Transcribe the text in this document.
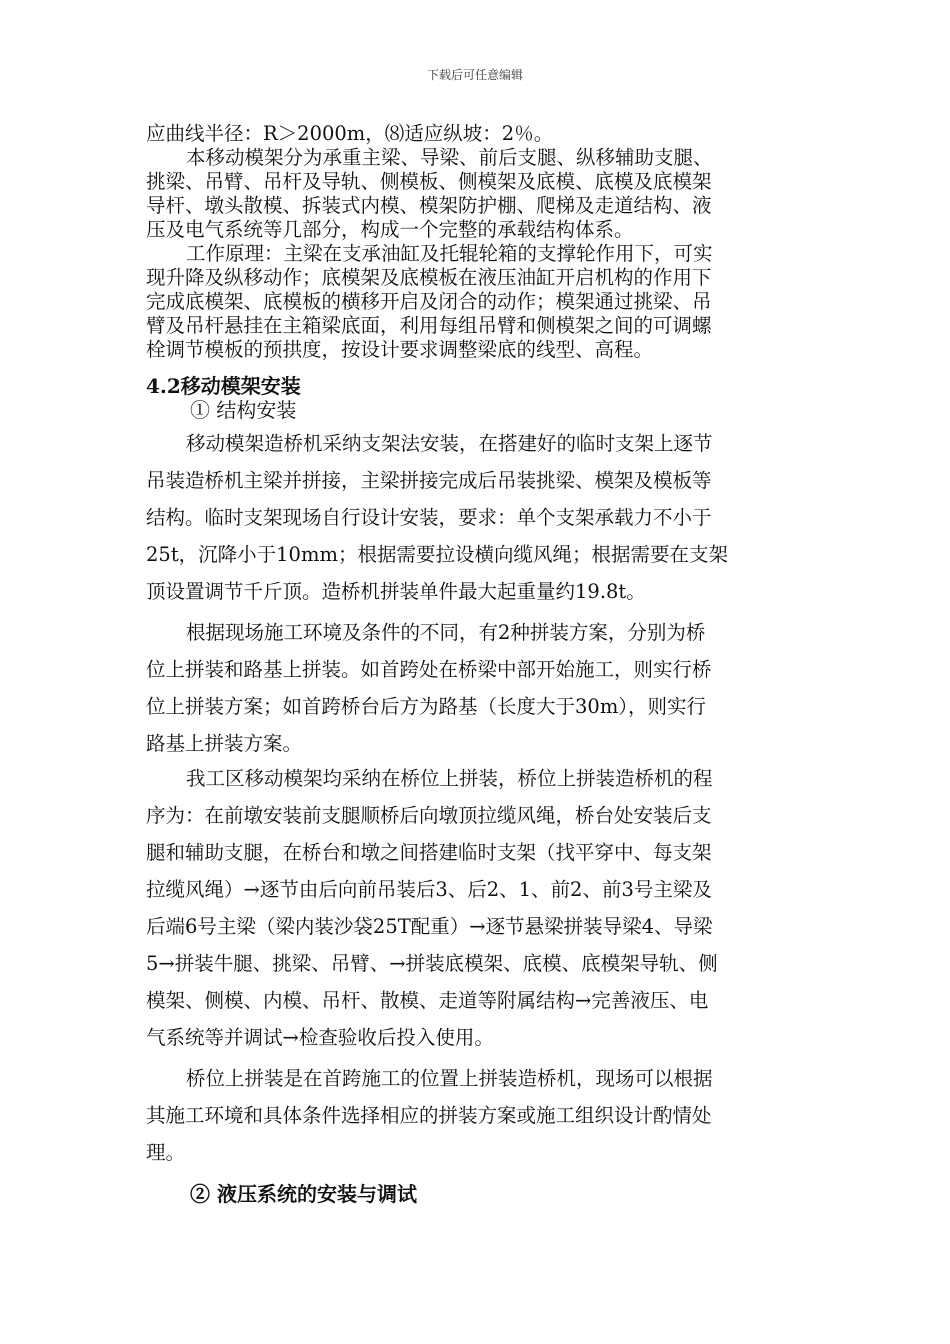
下载后可任意编辑
应曲线半径：R＞2000m，⑻适应纵坡：2％。
本移动模架分为承重主梁、导梁、前后支腿、纵移辅助支腿、
挑梁、吊臂、吊杆及导轨、侧模板、侧模架及底模、底模及底模架
导杆、墩头散模、拆装式内模、模架防护棚、爬梯及走道结构、液
压及电气系统等几部分，构成一个完整的承载结构体系。
工作原理：主梁在支承油缸及托辊轮箱的支撑轮作用下，可实
现升降及纵移动作；底模架及底模板在液压油缸开启机构的作用下
完成底模架、底模板的横移开启及闭合的动作；模架通过挑梁、吊
臂及吊杆悬挂在主箱梁底面，利用每组吊臂和侧模架之间的可调螺
栓调节模板的预拱度，按设计要求调整梁底的线型、高程。
4.2移动模架安装
① 结构安装
移动模架造桥机采纳支架法安装，在搭建好的临时支架上逐节
吊装造桥机主梁并拼接，主梁拼接完成后吊装挑梁、模架及模板等
结构。临时支架现场自行设计安装，要求：单个支架承载力不小于
25t，沉降小于10mm；根据需要拉设横向缆风绳；根据需要在支架
顶设置调节千斤顶。造桥机拼装单件最大起重量约19.8t。
根据现场施工环境及条件的不同，有2种拼装方案，分别为桥
位上拼装和路基上拼装。如首跨处在桥梁中部开始施工，则实行桥
位上拼装方案；如首跨桥台后方为路基（长度大于30m），则实行
路基上拼装方案。
我工区移动模架均采纳在桥位上拼装，桥位上拼装造桥机的程
序为：在前墩安装前支腿顺桥后向墩顶拉缆风绳，桥台处安装后支
腿和辅助支腿，在桥台和墩之间搭建临时支架（找平穿中、每支架
拉缆风绳）→逐节由后向前吊装后3、后2、1、前2、前3号主梁及
后端6号主梁（梁内装沙袋25T配重）→逐节悬梁拼装导梁4、导梁
5→拼装牛腿、挑梁、吊臂、→拼装底模架、底模、底模架导轨、侧
模架、侧模、内模、吊杆、散模、走道等附属结构→完善液压、电
气系统等并调试→检查验收后投入使用。
桥位上拼装是在首跨施工的位置上拼装造桥机，现场可以根据
其施工环境和具体条件选择相应的拼装方案或施工组织设计酌情处
理。
② 液压系统的安装与调试
